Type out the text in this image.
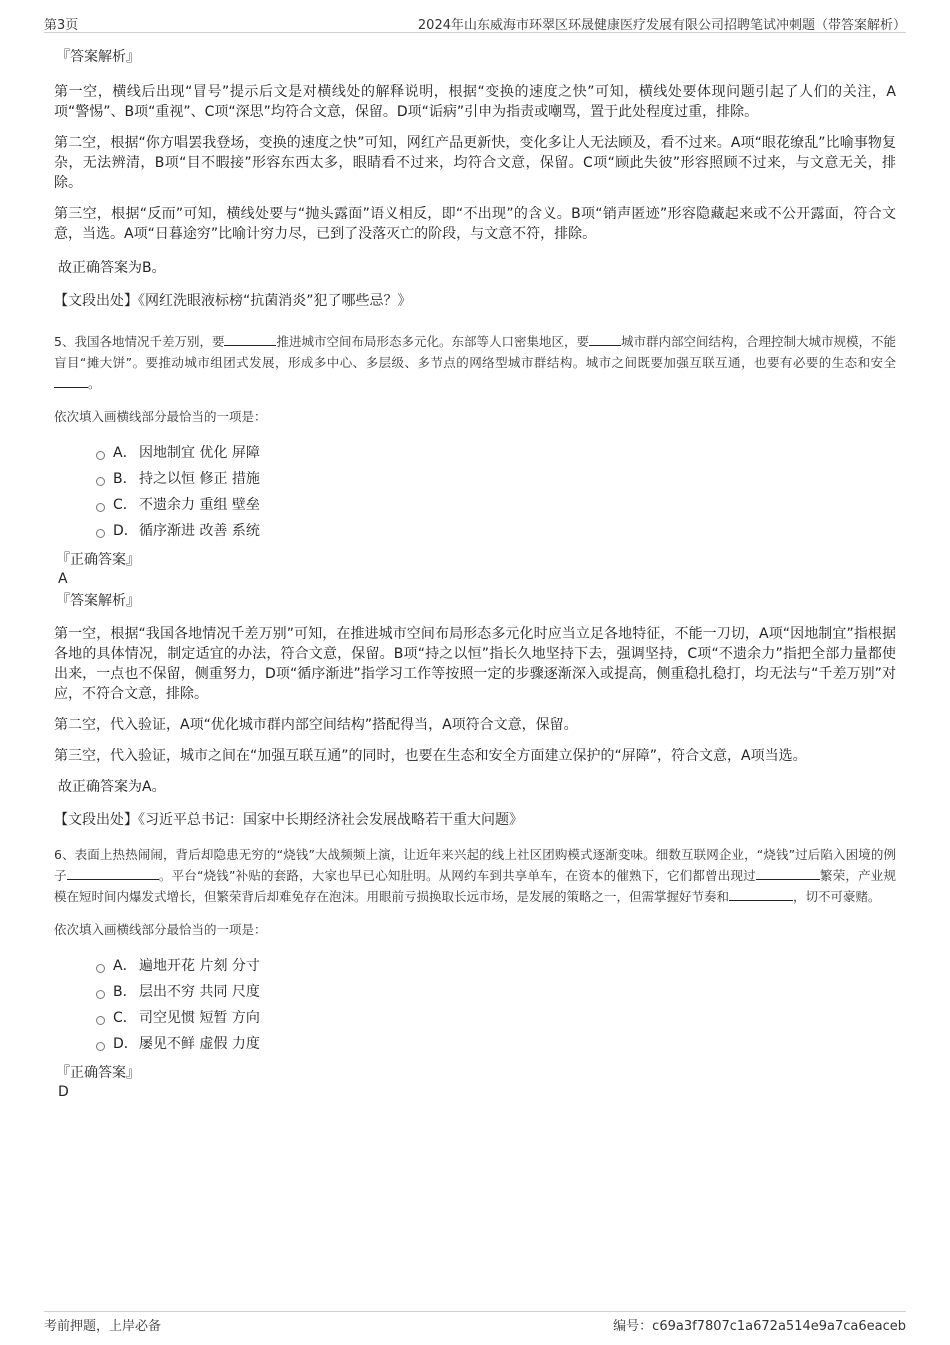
第3页	2024年山东威海市环翠区环晟健康医疗发展有限公司招聘笔试冲刺题（带答案解析）
『答案解析』

第一空，横线后出现“冒号”提示后文是对横线处的解释说明，根据“变换的速度之快”可知，横线处要体现问题引起了人们的关注，A项“警惕”、B项“重视”、C项“深思”均符合文意，保留。D项“诟病”引申为指责或嘲骂，置于此处程度过重，排除。

第二空，根据“你方唱罢我登场，变换的速度之快”可知，网红产品更新快，变化多让人无法顾及，看不过来。A项“眼花缭乱”比喻事物复杂，无法辨清，B项“目不暇接”形容东西太多，眼睛看不过来，均符合文意，保留。C项“顾此失彼”形容照顾不过来，与文意无关，排除。

第三空，根据“反而”可知，横线处要与“抛头露面”语义相反，即“不出现”的含义。B项“销声匿迹”形容隐藏起来或不公开露面，符合文意，当选。A项“日暮途穷”比喻计穷力尽，已到了没落灭亡的阶段，与文意不符，排除。

故正确答案为B。

【文段出处】《网红洗眼液标榜“抗菌消炎”犯了哪些忌？》

5、我国各地情况千差万别，要	推进城市空间布局形态多元化。东部等人口密集地区，要	城市群内部空间结构，合理控制大城市规模，不能盲目“摊大饼”。要推动城市组团式发展，形成多中心、多层级、多节点的网络型城市群结构。城市之间既要加强互联互通，也要有必要的生态和安全。

依次填入画横线部分最恰当的一项是：

A． 因地制宜 优化 屏障
B． 持之以恒 修正 措施
C． 不遗余力 重组 壁垒
D． 循序渐进 改善 系统
『正确答案』

A

『答案解析』

第一空，根据“我国各地情况千差万别”可知，在推进城市空间布局形态多元化时应当立足各地特征，不能一刀切，A项“因地制宜”指根据各地的具体情况，制定适宜的办法，符合文意，保留。B项“持之以恒”指长久地坚持下去，强调坚持，C项“不遗余力”指把全部力量都使出来，一点也不保留，侧重努力，D项“循序渐进”指学习工作等按照一定的步骤逐渐深入或提高，侧重稳扎稳打，均无法与“千差万别”对应，不符合文意，排除。

第二空，代入验证，A项“优化城市群内部空间结构”搭配得当，A项符合文意，保留。

第三空，代入验证，城市之间在“加强互联互通”的同时，也要在生态和安全方面建立保护的“屏障”，符合文意，A项当选。

故正确答案为A。

【文段出处】《习近平总书记：国家中长期经济社会发展战略若干重大问题》

6、表面上热热闹闹，背后却隐患无穷的“烧钱”大战频频上演，让近年来兴起的线上社区团购模式逐渐变味。细数互联网企业，“烧钱”过后陷入困境的例子	。平台“烧钱”补贴的套路，大家也早已心知肚明。从网约车到共享单车，在资本的催熟下，它们都曾出现过	繁荣，产业规模在短时间内爆发式增长，但繁荣背后却难免存在泡沫。用眼前亏损换取长远市场，是发展的策略之一，但需掌握好节奏和	，切不可豪赌。

依次填入画横线部分最恰当的一项是：

A． 遍地开花 片刻 分寸
B． 层出不穷 共同 尺度
C． 司空见惯 短暂 方向
D． 屡见不鲜 虚假 力度
『正确答案』

D

考前押题，上岸必备	编号：c69a3f7807c1a672a514e9a7ca6eaceb
